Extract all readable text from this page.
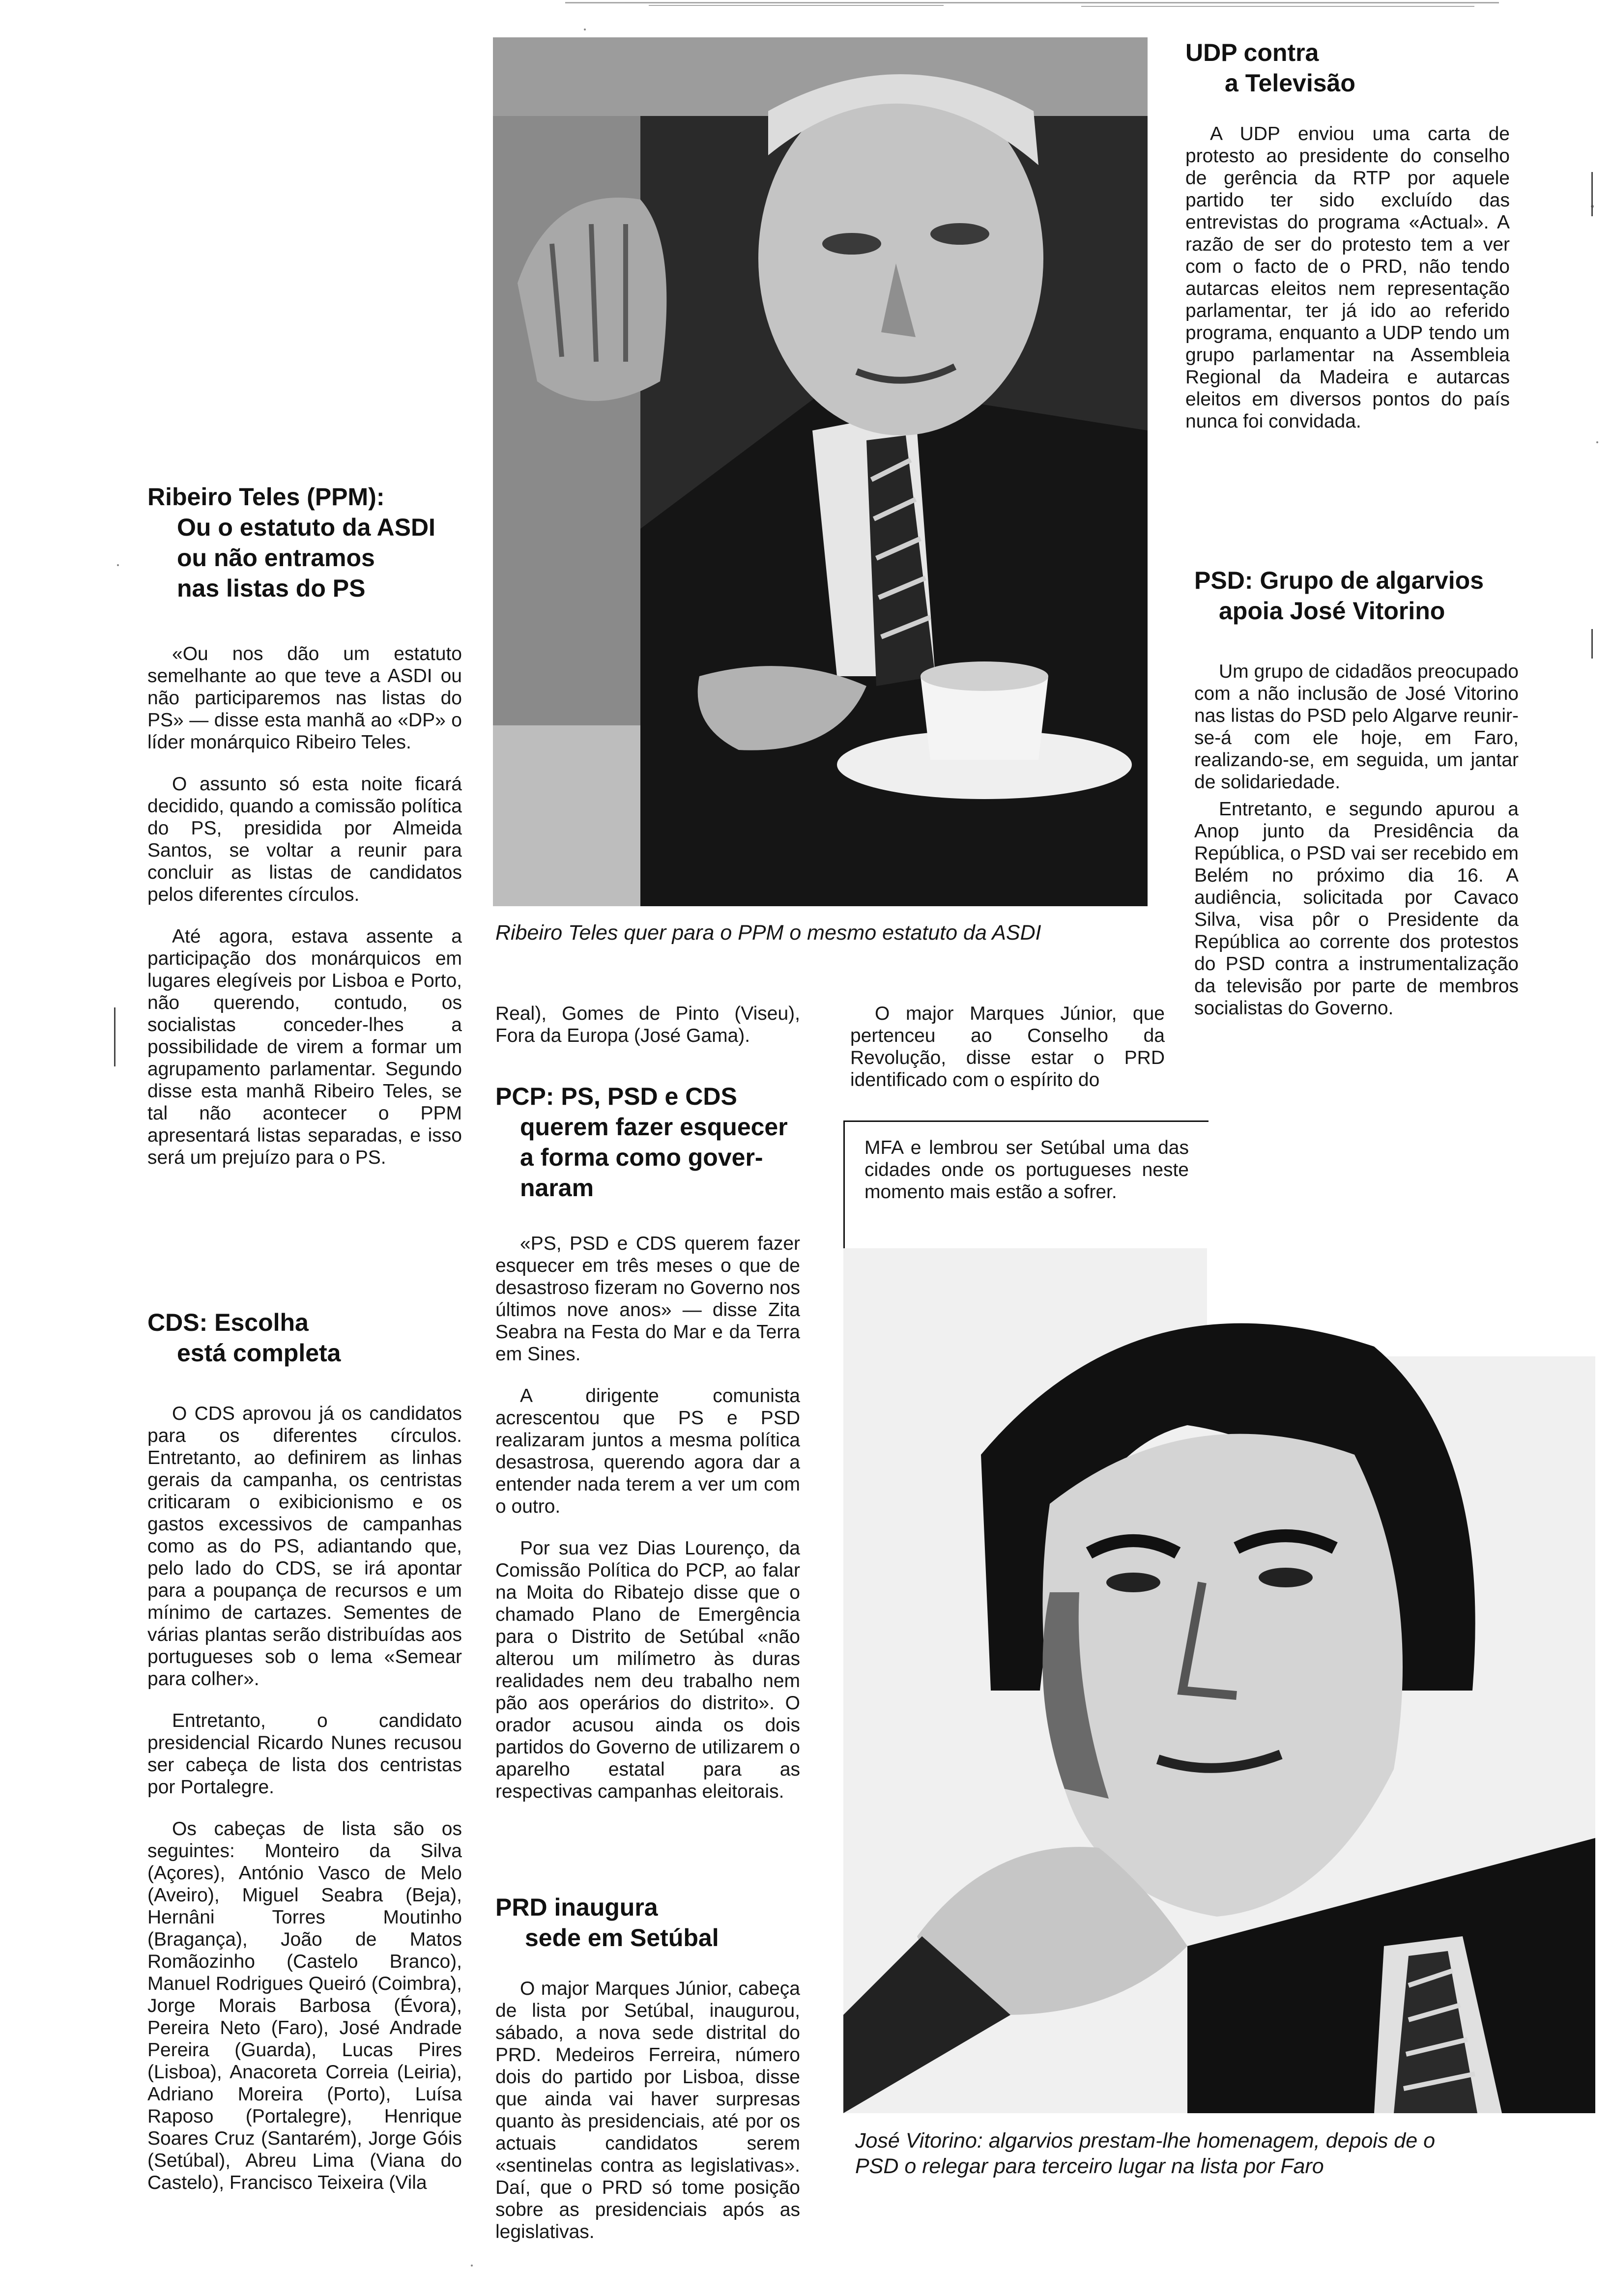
Ribeiro Teles quer para o PPM o mesmo estatuto da ASDI
Ribeiro Teles (PPM):
Ou o estatuto da ASDI
ou não entramos
nas listas do PS

«Ou nos dão um estatuto semelhante ao que teve a ASDI ou não participaremos nas listas do PS» — disse esta manhã ao «DP» o líder monárquico Ribeiro Teles.

O assunto só esta noite ficará decidido, quando a comissão política do PS, presidida por Almeida Santos, se voltar a reunir para concluir as listas de candidatos pelos diferentes círculos.

Até agora, estava assente a participação dos monárquicos em lugares elegíveis por Lisboa e Porto, não querendo, contudo, os socialistas conceder-lhes a possibilidade de virem a formar um agrupamento parlamentar. Segundo disse esta manhã Ribeiro Teles, se tal não acontecer o PPM apresentará listas separadas, e isso será um prejuízo para o PS.

CDS: Escolha
está completa

O CDS aprovou já os candidatos para os diferentes círculos. Entretanto, ao definirem as linhas gerais da campanha, os centristas criticaram o exibicionismo e os gastos excessivos de campanhas como as do PS, adiantando que, pelo lado do CDS, se irá apontar para a poupança de recursos e um mínimo de cartazes. Sementes de várias plantas serão distribuídas aos portugueses sob o lema «Semear para colher».

Entretanto, o candidato presidencial Ricardo Nunes recusou ser cabeça de lista dos centristas por Portalegre.

Os cabeças de lista são os seguintes: Monteiro da Silva (Açores), António Vasco de Melo (Aveiro), Miguel Seabra (Beja), Hernâni Torres Moutinho (Bragança), João de Matos Romãozinho (Castelo Branco), Manuel Rodrigues Queiró (Coimbra), Jorge Morais Barbosa (Évora), Pereira Neto (Faro), José Andrade Pereira (Guarda), Lucas Pires (Lisboa), Anacoreta Correia (Leiria), Adriano Moreira (Porto), Luísa Raposo (Portalegre), Henrique Soares Cruz (Santarém), Jorge Góis (Setúbal), Abreu Lima (Viana do Castelo), Francisco Teixeira (Vila

Real), Gomes de Pinto (Viseu), Fora da Europa (José Gama).

PCP: PS, PSD e CDS
querem fazer esquecer
a forma como gover-
naram

«PS, PSD e CDS querem fazer esquecer em três meses o que de desastroso fizeram no Governo nos últimos nove anos» — disse Zita Seabra na Festa do Mar e da Terra em Sines.

A dirigente comunista acrescentou que PS e PSD realizaram juntos a mesma política desastrosa, querendo agora dar a entender nada terem a ver um com o outro.

Por sua vez Dias Lourenço, da Comissão Política do PCP, ao falar na Moita do Ribatejo disse que o chamado Plano de Emergência para o Distrito de Setúbal «não alterou um milímetro às duras realidades nem deu trabalho nem pão aos operários do distrito». O orador acusou ainda os dois partidos do Governo de utilizarem o aparelho estatal para as respectivas campanhas eleitorais.

PRD inaugura
sede em Setúbal

O major Marques Júnior, cabeça de lista por Setúbal, inaugurou, sábado, a nova sede distrital do PRD. Medeiros Ferreira, número dois do partido por Lisboa, disse que ainda vai haver surpresas quanto às presidenciais, até por os actuais candidatos serem «sentinelas contra as legislativas». Daí, que o PRD só tome posição sobre as presidenciais após as legislativas.

O major Marques Júnior, que pertenceu ao Conselho da Revolução, disse estar o PRD identificado com o espírito do

MFA e lembrou ser Setúbal uma das cidades onde os portugueses neste momento mais estão a sofrer.

José Vitorino: algarvios prestam-lhe homenagem, depois de o PSD o relegar para terceiro lugar na lista por Faro
UDP contra
a Televisão

A UDP enviou uma carta de protesto ao presidente do conselho de gerência da RTP por aquele partido ter sido excluído das entrevistas do programa «Actual». A razão de ser do protesto tem a ver com o facto de o PRD, não tendo autarcas eleitos nem representação parlamentar, ter já ido ao referido programa, enquanto a UDP tendo um grupo parlamentar na Assembleia Regional da Madeira e autarcas eleitos em diversos pontos do país nunca foi convidada.

PSD: Grupo de algarvios
apoia José Vitorino

Um grupo de cidadãos preocupado com a não inclusão de José Vitorino nas listas do PSD pelo Algarve reunir-se-á com ele hoje, em Faro, realizando-se, em seguida, um jantar de solidariedade.

Entretanto, e segundo apurou a Anop junto da Presidência da República, o PSD vai ser recebido em Belém no próximo dia 16. A audiência, solicitada por Cavaco Silva, visa pôr o Presidente da República ao corrente dos protestos do PSD contra a instrumentalização da televisão por parte de membros socialistas do Governo.
